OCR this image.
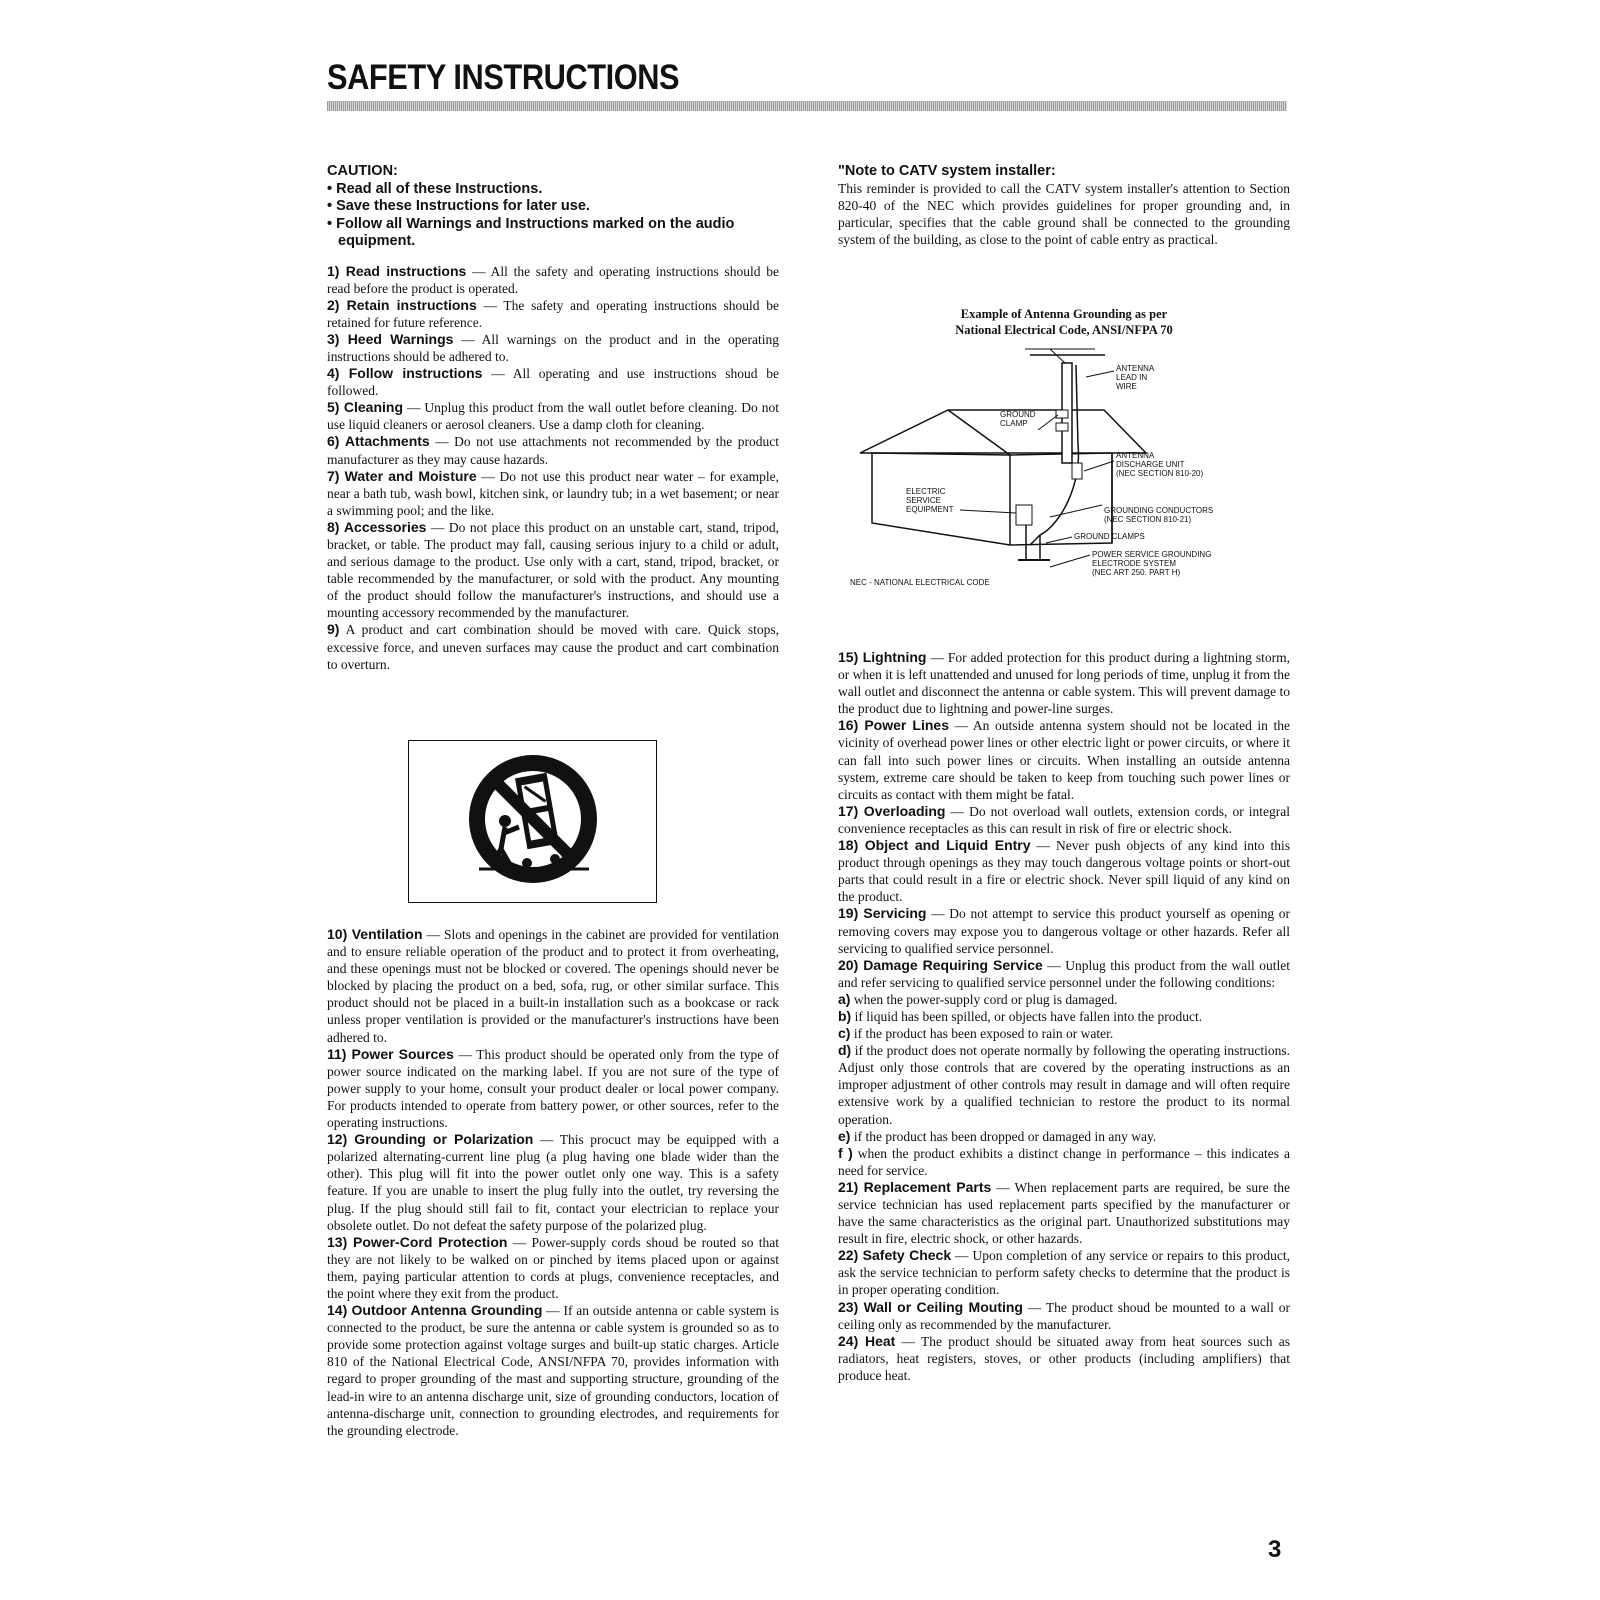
SAFETY INSTRUCTIONS
CAUTION:
• Read all of these Instructions.
• Save these Instructions for later use.
• Follow all Warnings and Instructions marked on the audio
equipment.

1) Read instructions — All the safety and operating instructions should be read before the product is operated.

2) Retain instructions — The safety and operating instructions should be retained for future reference.

3) Heed Warnings — All warnings on the product and in the operating instructions should be adhered to.

4) Follow instructions — All operating and use instructions shoud be followed.

5) Cleaning — Unplug this product from the wall outlet before cleaning. Do not use liquid cleaners or aerosol cleaners. Use a damp cloth for cleaning.

6) Attachments — Do not use attachments not recommended by the product manufacturer as they may cause hazards.

7) Water and Moisture — Do not use this product near water – for example, near a bath tub, wash bowl, kitchen sink, or laundry tub; in a wet basement; or near a swimming pool; and the like.

8) Accessories — Do not place this product on an unstable cart, stand, tripod, bracket, or table. The product may fall, causing serious injury to a child or adult, and serious damage to the product. Use only with a cart, stand, tripod, bracket, or table recommended by the manufacturer, or sold with the product. Any mounting of the product should follow the manufacturer's instructions, and should use a mounting accessory recommended by the manufacturer.

9) A product and cart combination should be moved with care. Quick stops, excessive force, and uneven surfaces may cause the product and cart combination to overturn.

10) Ventilation — Slots and openings in the cabinet are provided for ventilation and to ensure reliable operation of the product and to protect it from overheating, and these openings must not be blocked or covered. The openings should never be blocked by placing the product on a bed, sofa, rug, or other similar surface. This product should not be placed in a built-in installation such as a bookcase or rack unless proper ventilation is provided or the manufacturer's instructions have been adhered to.

11) Power Sources — This product should be operated only from the type of power source indicated on the marking label. If you are not sure of the type of power supply to your home, consult your product dealer or local power company. For products intended to operate from battery power, or other sources, refer to the operating instructions.

12) Grounding or Polarization — This procuct may be equipped with a polarized alternating-current line plug (a plug having one blade wider than the other). This plug will fit into the power outlet only one way. This is a safety feature. If you are unable to insert the plug fully into the outlet, try reversing the plug. If the plug should still fail to fit, contact your electrician to replace your obsolete outlet. Do not defeat the safety purpose of the polarized plug.

13) Power-Cord Protection — Power-supply cords shoud be routed so that they are not likely to be walked on or pinched by items placed upon or against them, paying particular attention to cords at plugs, convenience receptacles, and the point where they exit from the product.

14) Outdoor Antenna Grounding — If an outside antenna or cable system is connected to the product, be sure the antenna or cable system is grounded so as to provide some protection against voltage surges and built-up static charges. Article 810 of the National Electrical Code, ANSI/NFPA 70, provides information with regard to proper grounding of the mast and supporting structure, grounding of the lead-in wire to an antenna discharge unit, size of grounding conductors, location of antenna-discharge unit, connection to grounding electrodes, and requirements for the grounding electrode.

"Note to CATV system installer:

This reminder is provided to call the CATV system installer's attention to Section 820-40 of the NEC which provides guidelines for proper grounding and, in particular, specifies that the cable ground shall be connected to the grounding system of the building, as close to the point of cable entry as practical.

Example of Antenna Grounding as per
National Electrical Code, ANSI/NFPA 70
ANTENNA
LEAD IN
WIRE
GROUND
CLAMP
ANTENNA
DISCHARGE UNIT
(NEC SECTION 810-20)
ELECTRIC
SERVICE
EQUIPMENT	GROUNDING CONDUCTORS
(NEC SECTION 810-21)
GROUND CLAMPS
POWER SERVICE GROUNDING
ELECTRODE SYSTEM
(NEC ART 250. PART H)
NEC - NATIONAL ELECTRICAL CODE

15) Lightning — For added protection for this product during a lightning storm, or when it is left unattended and unused for long periods of time, unplug it from the wall outlet and disconnect the antenna or cable system. This will prevent damage to the product due to lightning and power-line surges.

16) Power Lines — An outside antenna system should not be located in the vicinity of overhead power lines or other electric light or power circuits, or where it can fall into such power lines or circuits. When installing an outside antenna system, extreme care should be taken to keep from touching such power lines or circuits as contact with them might be fatal.

17) Overloading — Do not overload wall outlets, extension cords, or integral convenience receptacles as this can result in risk of fire or electric shock.

18) Object and Liquid Entry — Never push objects of any kind into this product through openings as they may touch dangerous voltage points or short-out parts that could result in a fire or electric shock. Never spill liquid of any kind on the product.

19) Servicing — Do not attempt to service this product yourself as opening or removing covers may expose you to dangerous voltage or other hazards. Refer all servicing to qualified service personnel.

20) Damage Requiring Service — Unplug this product from the wall outlet and refer servicing to qualified service personnel under the following conditions:

a) when the power-supply cord or plug is damaged.

b) if liquid has been spilled, or objects have fallen into the product.

c) if the product has been exposed to rain or water.

d) if the product does not operate normally by following the operating instructions. Adjust only those controls that are covered by the operating instructions as an improper adjustment of other controls may result in damage and will often require extensive work by a qualified technician to restore the product to its normal operation.

e) if the product has been dropped or damaged in any way.

f ) when the product exhibits a distinct change in performance – this indicates a need for service.

21) Replacement Parts — When replacement parts are required, be sure the service technician has used replacement parts specified by the manufacturer or have the same characteristics as the original part. Unauthorized substitutions may result in fire, electric shock, or other hazards.

22) Safety Check — Upon completion of any service or repairs to this product, ask the service technician to perform safety checks to determine that the product is in proper operating condition.

23) Wall or Ceiling Mouting — The product shoud be mounted to a wall or ceiling only as recommended by the manufacturer.

24) Heat — The product should be situated away from heat sources such as radiators, heat registers, stoves, or other products (including amplifiers) that produce heat.

3
